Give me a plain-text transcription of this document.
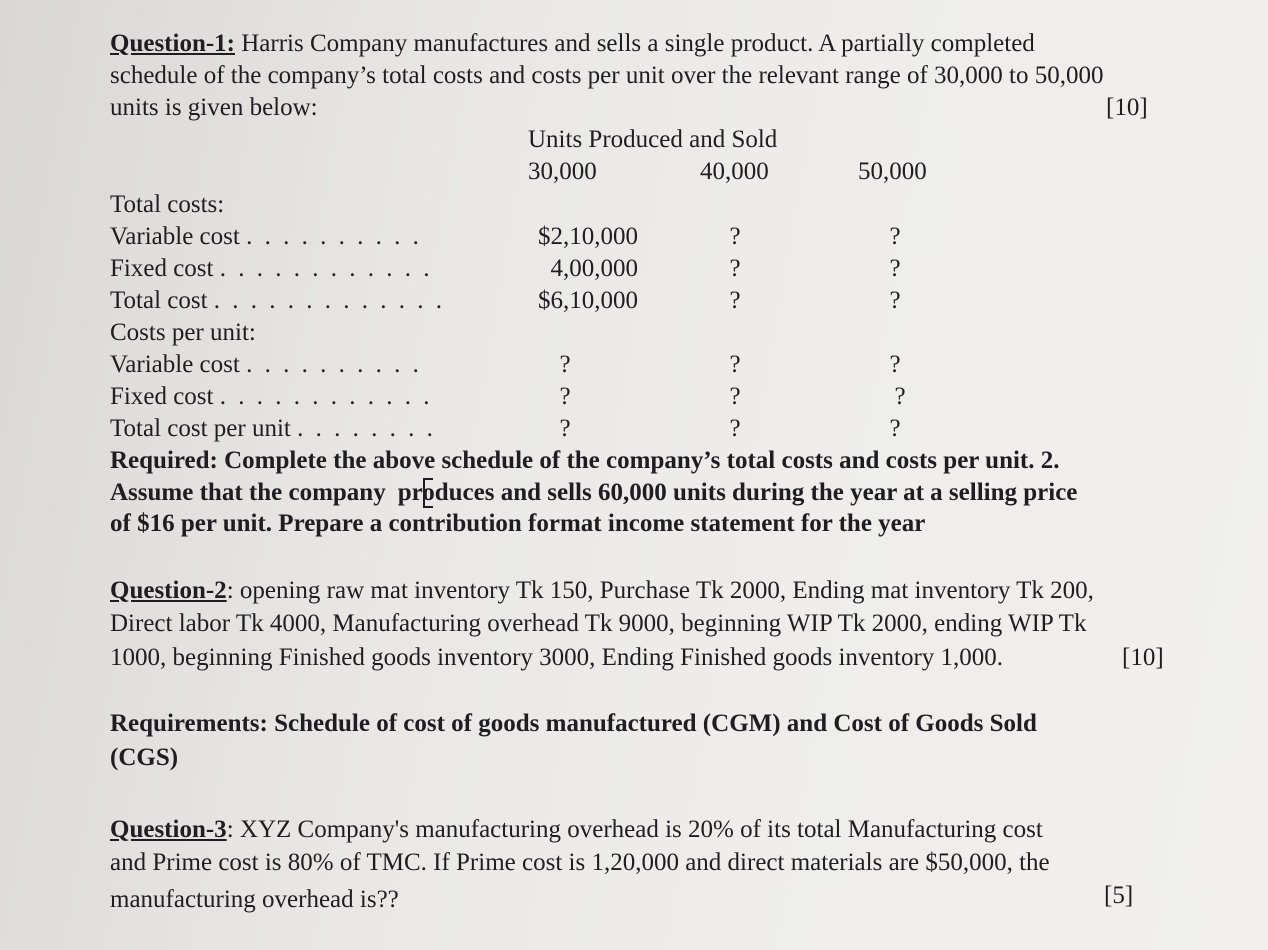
Question-1: Harris Company manufactures and sells a single product. A partially completed
schedule of the company’s total costs and costs per unit over the relevant range of 30,000 to 50,000
units is given below:	[10]
Units Produced and Sold
30,000	40,000	50,000
Total costs:
Variable cost . . . . . . . . . .	$2,10,000	?	?
Fixed cost . . . . . . . . . . . .	4,00,000	?	?
Total cost . . . . . . . . . . . . .	$6,10,000	?	?
Costs per unit:
Variable cost . . . . . . . . . .	?	?	?
Fixed cost . . . . . . . . . . . .	?	?	?
Total cost per unit . . . . . . . .	?	?	?
Required: Complete the above schedule of the company’s total costs and costs per unit. 2.
Assume that the company produces and sells 60,000 units during the year at a selling price
of $16 per unit. Prepare a contribution format income statement for the year
Question-2: opening raw mat inventory Tk 150, Purchase Tk 2000, Ending mat inventory Tk 200,
Direct labor Tk 4000, Manufacturing overhead Tk 9000, beginning WIP Tk 2000, ending WIP Tk
1000, beginning Finished goods inventory 3000, Ending Finished goods inventory 1,000.	[10]
Requirements: Schedule of cost of goods manufactured (CGM) and Cost of Goods Sold
(CGS)
Question-3: XYZ Company's manufacturing overhead is 20% of its total Manufacturing cost
and Prime cost is 80% of TMC. If Prime cost is 1,20,000 and direct materials are $50,000, the
manufacturing overhead is??	[5]
